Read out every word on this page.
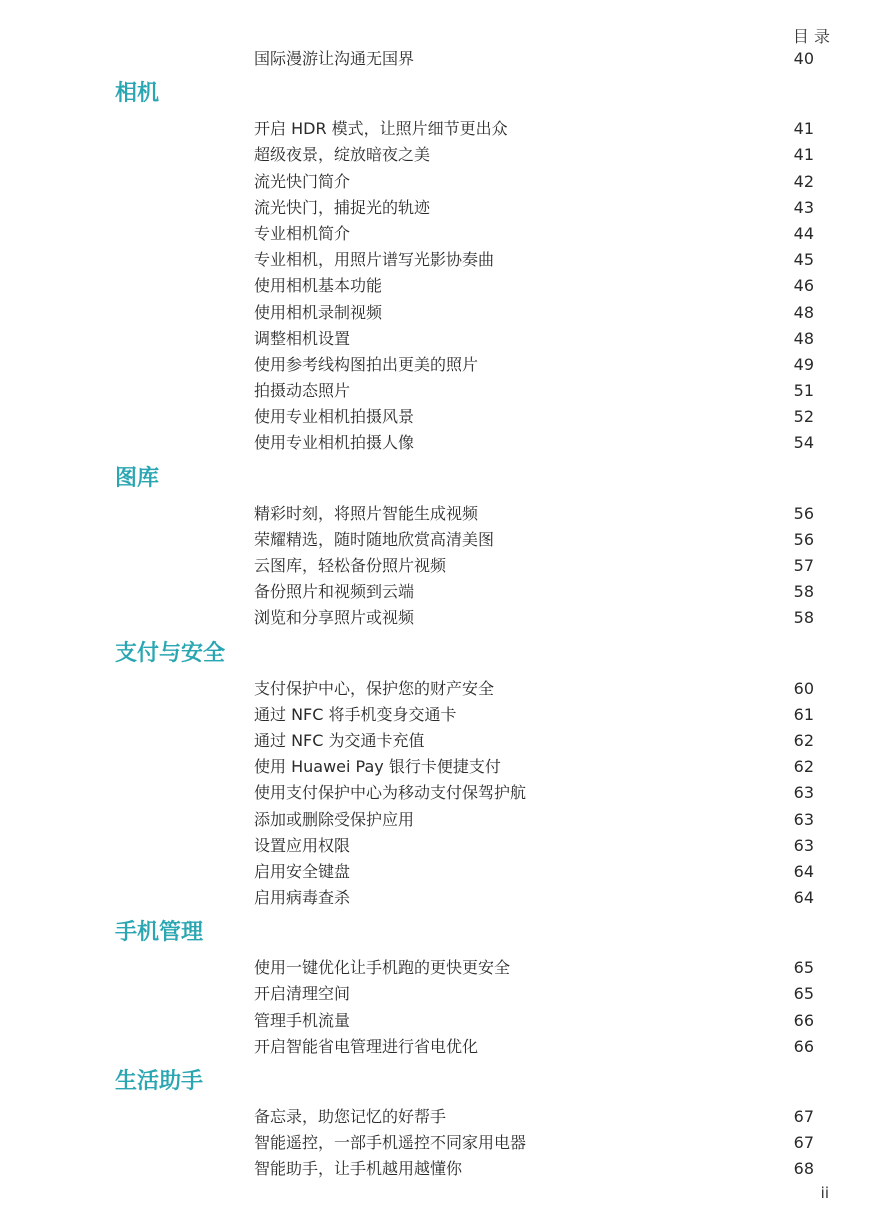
目 录
国际漫游让沟通无国界	40
相机
开启 HDR 模式，让照片细节更出众	41
超级夜景，绽放暗夜之美	41
流光快门简介	42
流光快门，捕捉光的轨迹	43
专业相机简介	44
专业相机，用照片谱写光影协奏曲	45
使用相机基本功能	46
使用相机录制视频	48
调整相机设置	48
使用参考线构图拍出更美的照片	49
拍摄动态照片	51
使用专业相机拍摄风景	52
使用专业相机拍摄人像	54
图库
精彩时刻，将照片智能生成视频	56
荣耀精选，随时随地欣赏高清美图	56
云图库，轻松备份照片视频	57
备份照片和视频到云端	58
浏览和分享照片或视频	58
支付与安全
支付保护中心，保护您的财产安全	60
通过 NFC 将手机变身交通卡	61
通过 NFC 为交通卡充值	62
使用 Huawei Pay 银行卡便捷支付	62
使用支付保护中心为移动支付保驾护航	63
添加或删除受保护应用	63
设置应用权限	63
启用安全键盘	64
启用病毒查杀	64
手机管理
使用一键优化让手机跑的更快更安全	65
开启清理空间	65
管理手机流量	66
开启智能省电管理进行省电优化	66
生活助手
备忘录，助您记忆的好帮手	67
智能遥控，一部手机遥控不同家用电器	67
智能助手，让手机越用越懂你	68
ii
